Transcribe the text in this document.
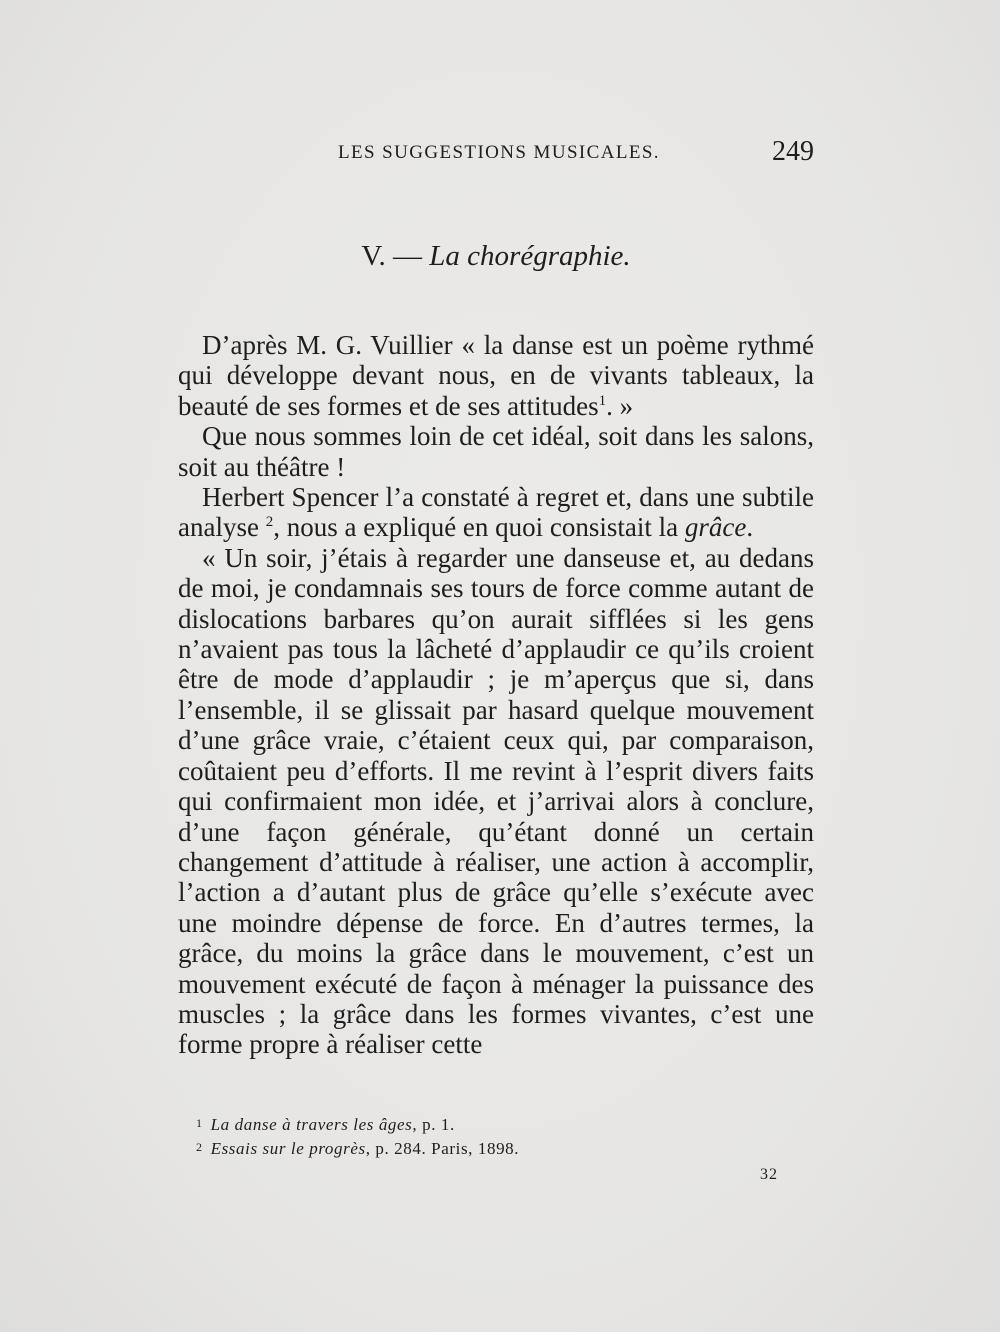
LES SUGGESTIONS MUSICALES.	249
V. — La chorégraphie.

D’après M. G. Vuillier « la danse est un poème rythmé qui développe devant nous, en de vivants tableaux, la beauté de ses formes et de ses attitudes$^1$. »

Que nous sommes loin de cet idéal, soit dans les salons, soit au théâtre !

Herbert Spencer l’a constaté à regret et, dans une subtile analyse $^2$, nous a expliqué en quoi consistait la grâce.

« Un soir, j’étais à regarder une danseuse et, au dedans de moi, je condamnais ses tours de force comme autant de dislocations barbares qu’on aurait sifflées si les gens n’avaient pas tous la lâcheté d’applaudir ce qu’ils croient être de mode d’applaudir ; je m’aperçus que si, dans l’ensemble, il se glissait par hasard quelque mouvement d’une grâce vraie, c’étaient ceux qui, par comparaison, coûtaient peu d’efforts. Il me revint à l’esprit divers faits qui confirmaient mon idée, et j’arrivai alors à conclure, d’une façon générale, qu’étant donné un certain changement d’attitude à réaliser, une action à accomplir, l’action a d’autant plus de grâce qu’elle s’exécute avec une moindre dépense de force. En d’autres termes, la grâce, du moins la grâce dans le mouvement, c’est un mouvement exécuté de façon à ménager la puissance des muscles ; la grâce dans les formes vivantes, c’est une forme propre à réaliser cette

1 La danse à travers les âges, p. 1.

2 Essais sur le progrès, p. 284. Paris, 1898.

32
